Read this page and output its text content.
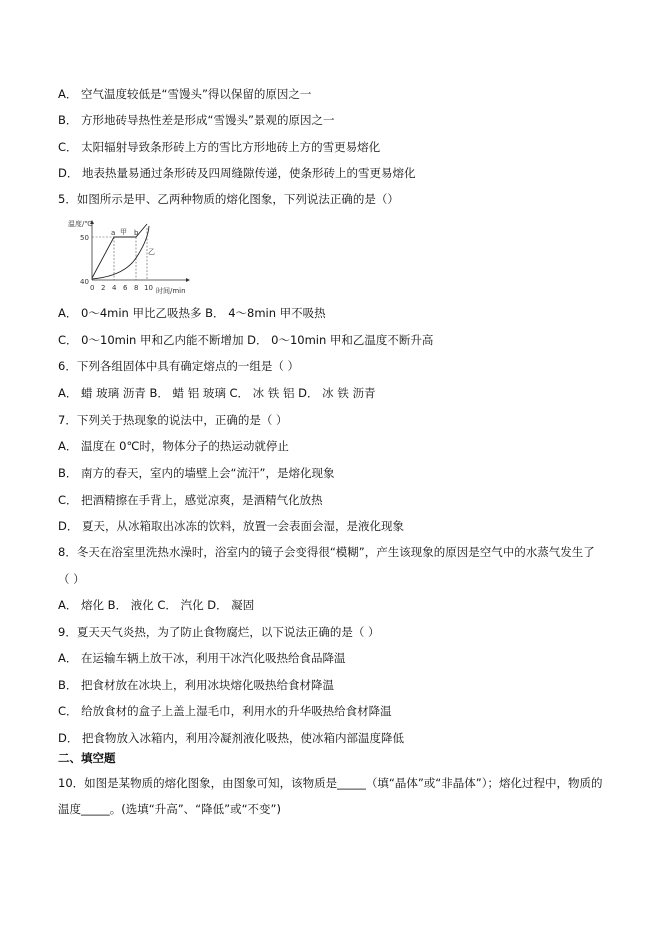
A． 空气温度较低是“雪馒头”得以保留的原因之一
B． 方形地砖导热性差是形成“雪馒头”景观的原因之一
C． 太阳辐射导致条形砖上方的雪比方形地砖上方的雪更易熔化
D． 地表热量易通过条形砖及四周缝隙传递，使条形砖上的雪更易熔化
5．如图所示是甲、乙两种物质的熔化图象，下列说法正确的是（）
温度/℃
时间/min
40
50
0 2 4 6 8 10
甲
乙
a	b
A． 0～4min 甲比乙吸热多 B． 4～8min 甲不吸热
C． 0～10min 甲和乙内能不断增加 D． 0～10min 甲和乙温度不断升高
6．下列各组固体中具有确定熔点的一组是（ ）
A． 蜡 玻璃 沥青 B． 蜡 铝 玻璃 C． 冰 铁 铝 D． 冰 铁 沥青
7．下列关于热现象的说法中，正确的是（ ）
A． 温度在 0℃时，物体分子的热运动就停止
B． 南方的春天，室内的墙壁上会“流汗”，是熔化现象
C． 把酒精擦在手背上，感觉凉爽，是酒精气化放热
D． 夏天，从冰箱取出冰冻的饮料，放置一会表面会湿，是液化现象
8．冬天在浴室里洗热水澡时，浴室内的镜子会变得很“模糊”，产生该现象的原因是空气中的水蒸气发生了
（ ）
A． 熔化 B． 液化 C． 汽化 D． 凝固
9．夏天天气炎热，为了防止食物腐烂，以下说法正确的是（ ）
A． 在运输车辆上放干冰，利用干冰汽化吸热给食品降温
B． 把食材放在冰块上，利用冰块熔化吸热给食材降温
C． 给放食材的盒子上盖上湿毛巾，利用水的升华吸热给食材降温
D． 把食物放入冰箱内，利用冷凝剂液化吸热，使冰箱内部温度降低
二、填空题
10．如图是某物质的熔化图象，由图象可知，该物质是_____（填“晶体”或“非晶体”）；熔化过程中，物质的
温度_____。(选填“升高”、“降低”或“不变”)
